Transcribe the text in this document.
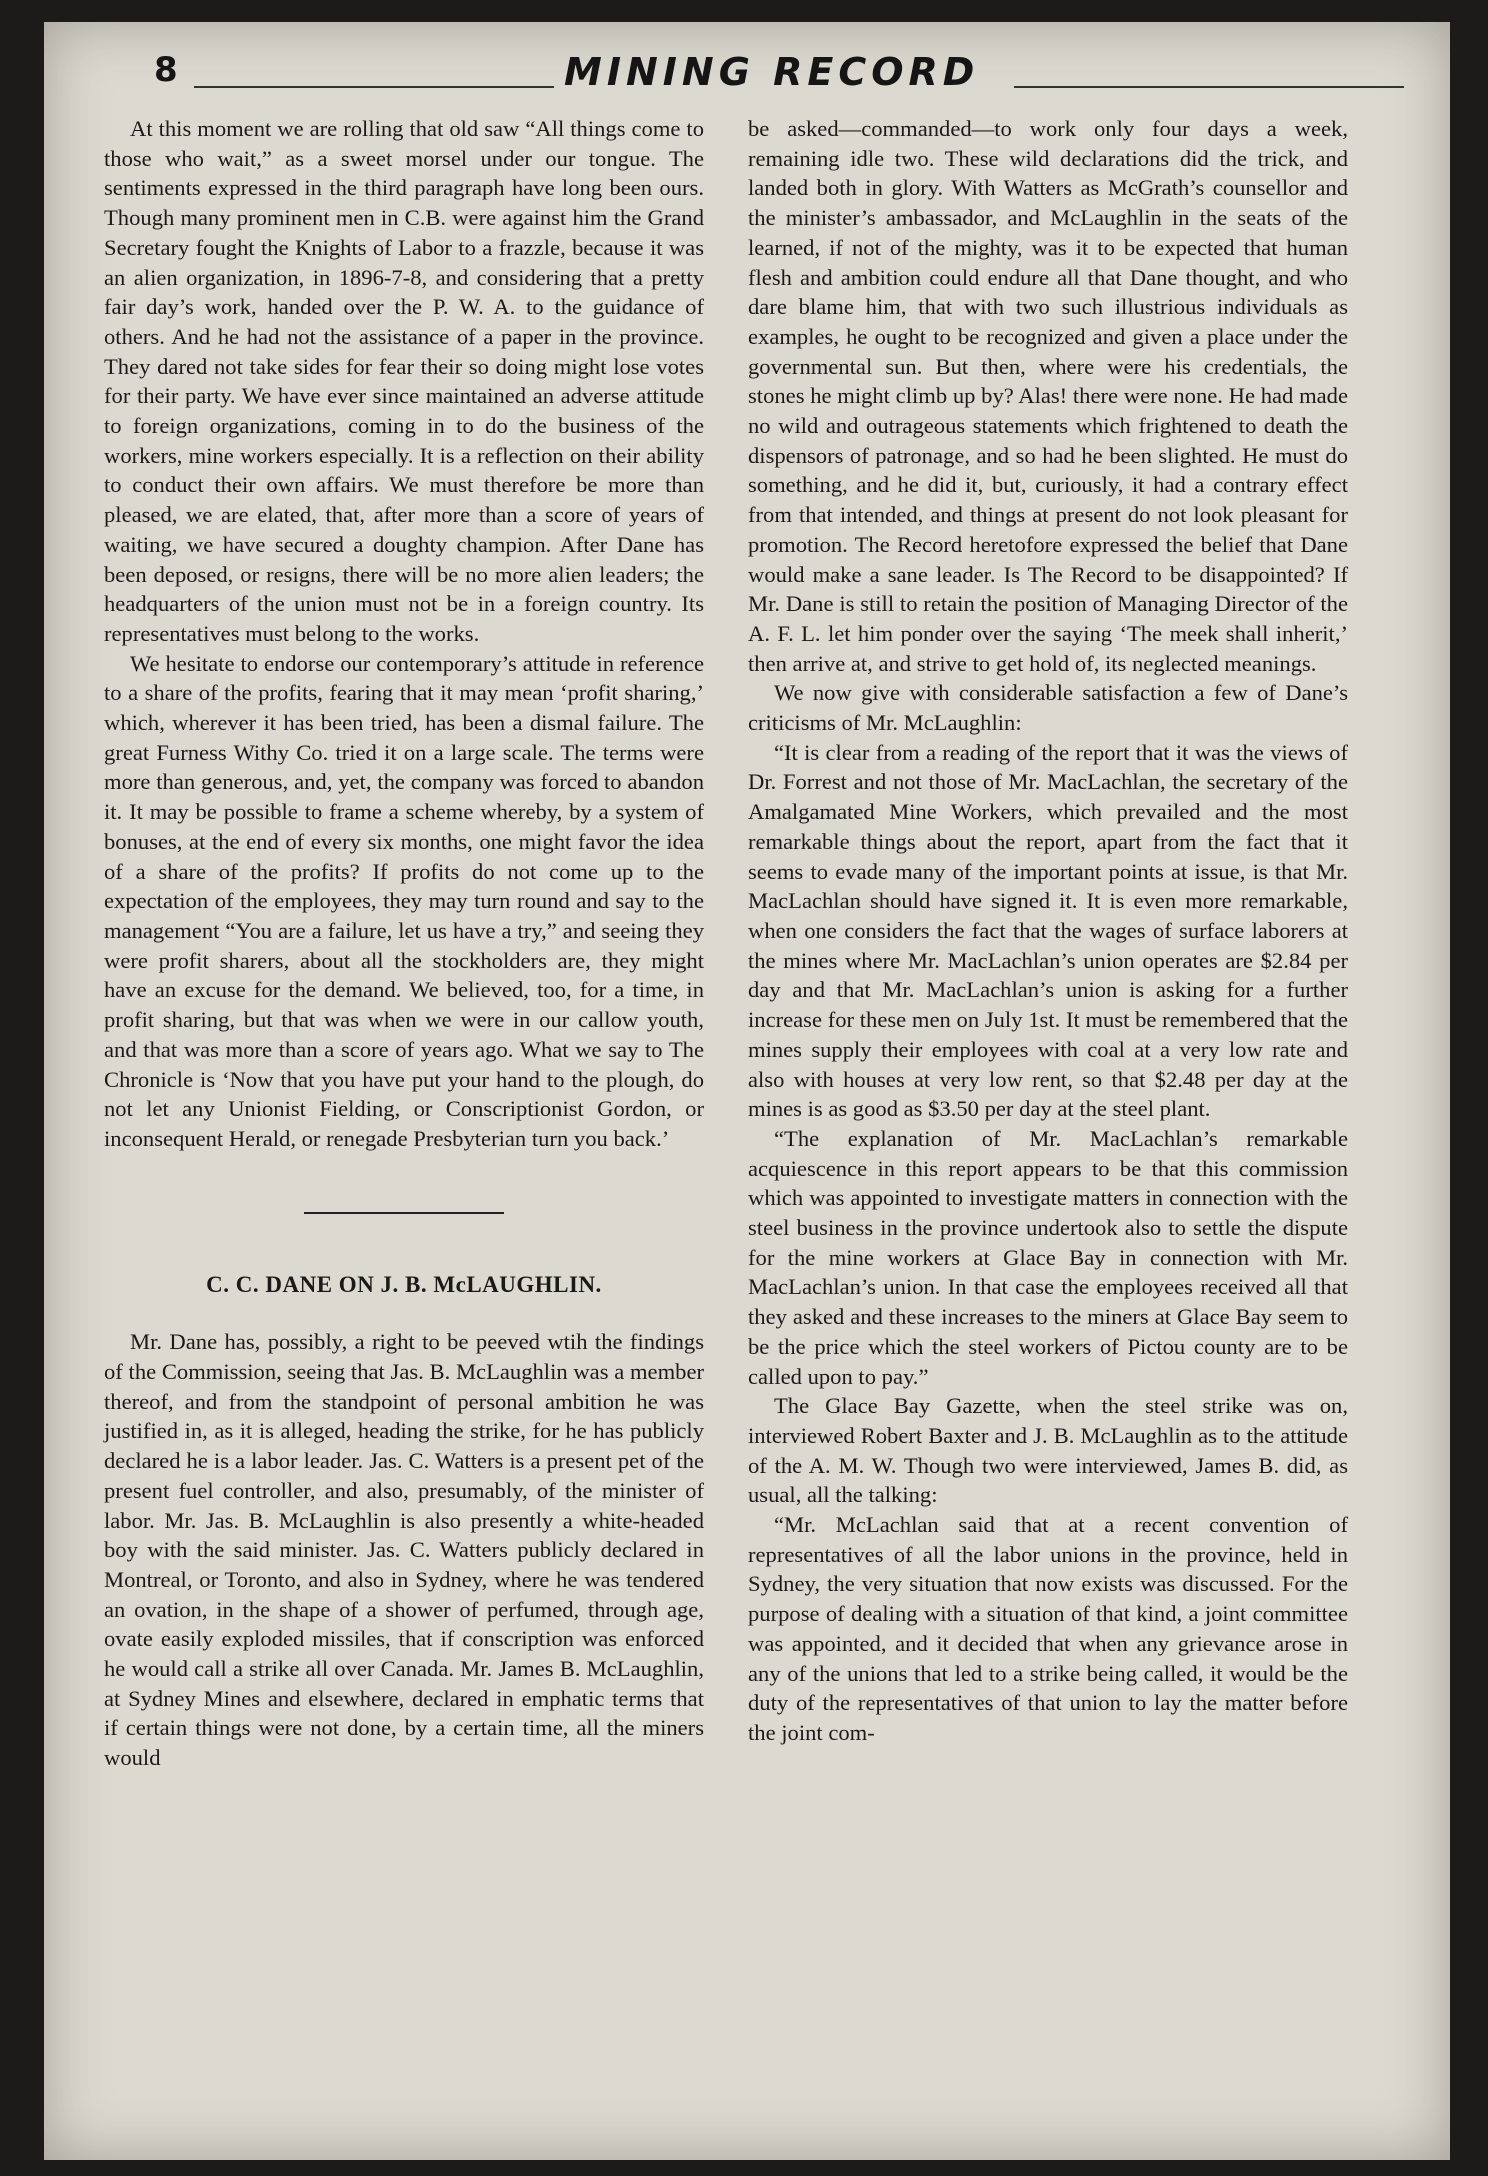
8	MINING RECORD

At this moment we are rolling that old saw “All things come to those who wait,” as a sweet morsel under our tongue. The sentiments expressed in the third paragraph have long been ours. Though many prominent men in C.B. were against him the Grand Secretary fought the Knights of Labor to a frazzle, because it was an alien organization, in 1896-7-8, and considering that a pretty fair day’s work, handed over the P. W. A. to the guidance of others. And he had not the assistance of a paper in the province. They dared not take sides for fear their so doing might lose votes for their party. We have ever since maintained an adverse attitude to foreign organizations, coming in to do the business of the workers, mine workers especially. It is a reflection on their ability to conduct their own affairs. We must therefore be more than pleased, we are elated, that, after more than a score of years of waiting, we have secured a doughty champion. After Dane has been deposed, or resigns, there will be no more alien leaders; the headquarters of the union must not be in a foreign country. Its representatives must belong to the works.

We hesitate to endorse our contemporary’s attitude in reference to a share of the profits, fearing that it may mean ‘profit sharing,’ which, wherever it has been tried, has been a dismal failure. The great Furness Withy Co. tried it on a large scale. The terms were more than generous, and, yet, the company was forced to abandon it. It may be possible to frame a scheme whereby, by a system of bonuses, at the end of every six months, one might favor the idea of a share of the profits? If profits do not come up to the expectation of the employees, they may turn round and say to the management “You are a failure, let us have a try,” and seeing they were profit sharers, about all the stockholders are, they might have an excuse for the demand. We believed, too, for a time, in profit sharing, but that was when we were in our callow youth, and that was more than a score of years ago. What we say to The Chronicle is ‘Now that you have put your hand to the plough, do not let any Unionist Fielding, or Conscriptionist Gordon, or inconsequent Herald, or renegade Presbyterian turn you back.’

C. C. DANE ON J. B. McLAUGHLIN.

Mr. Dane has, possibly, a right to be peeved wtih the findings of the Commission, seeing that Jas. B. McLaughlin was a member thereof, and from the standpoint of personal ambition he was justified in, as it is alleged, heading the strike, for he has publicly declared he is a labor leader. Jas. C. Watters is a present pet of the present fuel controller, and also, presumably, of the minister of labor. Mr. Jas. B. McLaughlin is also presently a white-headed boy with the said minister. Jas. C. Watters publicly declared in Montreal, or Toronto, and also in Sydney, where he was tendered an ovation, in the shape of a shower of perfumed, through age, ovate easily exploded missiles, that if conscription was enforced he would call a strike all over Canada. Mr. James B. McLaughlin, at Sydney Mines and elsewhere, declared in emphatic terms that if certain things were not done, by a certain time, all the miners would

be asked—commanded—to work only four days a week, remaining idle two. These wild declarations did the trick, and landed both in glory. With Watters as McGrath’s counsellor and the minister’s ambassador, and McLaughlin in the seats of the learned, if not of the mighty, was it to be expected that human flesh and ambition could endure all that Dane thought, and who dare blame him, that with two such illustrious individuals as examples, he ought to be recognized and given a place under the governmental sun. But then, where were his credentials, the stones he might climb up by? Alas! there were none. He had made no wild and outrageous statements which frightened to death the dispensors of patronage, and so had he been slighted. He must do something, and he did it, but, curiously, it had a contrary effect from that intended, and things at present do not look pleasant for promotion. The Record heretofore expressed the belief that Dane would make a sane leader. Is The Record to be disappointed? If Mr. Dane is still to retain the position of Managing Director of the A. F. L. let him ponder over the saying ‘The meek shall inherit,’ then arrive at, and strive to get hold of, its neglected meanings.

We now give with considerable satisfaction a few of Dane’s criticisms of Mr. McLaughlin:

“It is clear from a reading of the report that it was the views of Dr. Forrest and not those of Mr. MacLachlan, the secretary of the Amalgamated Mine Workers, which prevailed and the most remarkable things about the report, apart from the fact that it seems to evade many of the important points at issue, is that Mr. MacLachlan should have signed it. It is even more remarkable, when one considers the fact that the wages of surface laborers at the mines where Mr. MacLachlan’s union operates are $2.84 per day and that Mr. MacLachlan’s union is asking for a further increase for these men on July 1st. It must be remembered that the mines supply their employees with coal at a very low rate and also with houses at very low rent, so that $2.48 per day at the mines is as good as $3.50 per day at the steel plant.

“The explanation of Mr. MacLachlan’s remarkable acquiescence in this report appears to be that this commission which was appointed to investigate matters in connection with the steel business in the province undertook also to settle the dispute for the mine workers at Glace Bay in connection with Mr. MacLachlan’s union. In that case the employees received all that they asked and these increases to the miners at Glace Bay seem to be the price which the steel workers of Pictou county are to be called upon to pay.”

The Glace Bay Gazette, when the steel strike was on, interviewed Robert Baxter and J. B. McLaughlin as to the attitude of the A. M. W. Though two were interviewed, James B. did, as usual, all the talking:

“Mr. McLachlan said that at a recent convention of representatives of all the labor unions in the province, held in Sydney, the very situation that now exists was discussed. For the purpose of dealing with a situation of that kind, a joint committee was appointed, and it decided that when any grievance arose in any of the unions that led to a strike being called, it would be the duty of the representatives of that union to lay the matter before the joint com-
